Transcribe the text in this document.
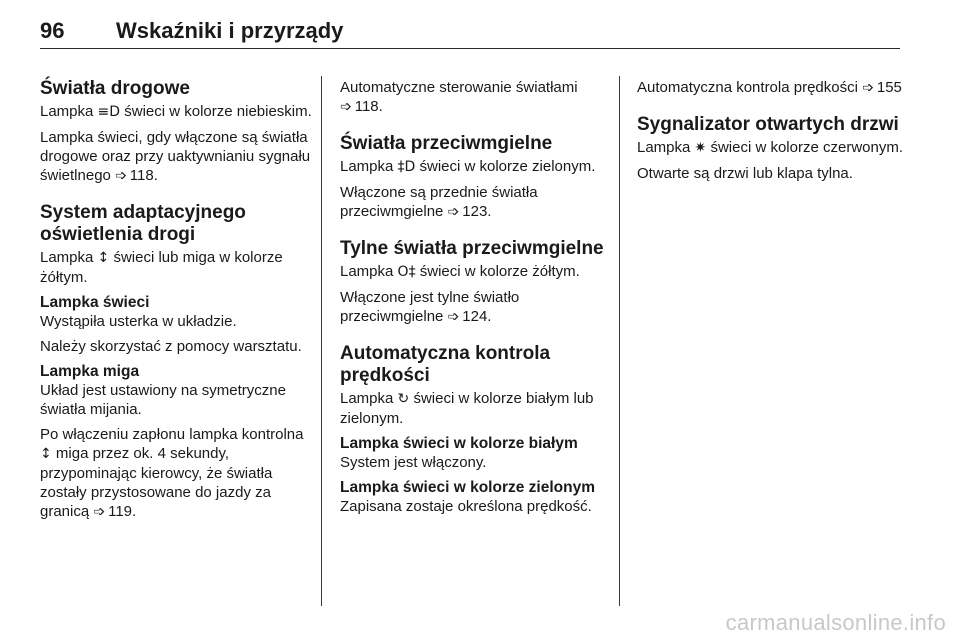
96 Wskaźniki i przyrządy
Światła drogowe

Lampka ≡D świeci w kolorze niebieskim.

Lampka świeci, gdy włączone są światła drogowe oraz przy uaktywnianiu sygnału świetlnego ➩ 118.

System adaptacyjnego oświetlenia drogi

Lampka ↕ świeci lub miga w kolorze żółtym.

Lampka świeci

Wystąpiła usterka w układzie.

Należy skorzystać z pomocy warsztatu.

Lampka miga

Układ jest ustawiony na symetryczne światła mijania.

Po włączeniu zapłonu lampka kontrolna ↕ miga przez ok. 4 sekundy, przypominając kierowcy, że światła zostały przystosowane do jazdy za granicą ➩ 119.

Automatyczne sterowanie światłami ➩ 118.

Światła przeciwmgielne

Lampka ‡D świeci w kolorze zielonym.

Włączone są przednie światła przeciwmgielne ➩ 123.

Tylne światła przeciwmgielne

Lampka O‡ świeci w kolorze żółtym.

Włączone jest tylne światło przeciwmgielne ➩ 124.

Automatyczna kontrola prędkości

Lampka ↻ świeci w kolorze białym lub zielonym.

Lampka świeci w kolorze białym

System jest włączony.

Lampka świeci w kolorze zielonym

Zapisana zostaje określona prędkość.

Automatyczna kontrola prędkości ➩ 155

Sygnalizator otwartych drzwi

Lampka ✷ świeci w kolorze czerwonym.

Otwarte są drzwi lub klapa tylna.

carmanualsonline.info
